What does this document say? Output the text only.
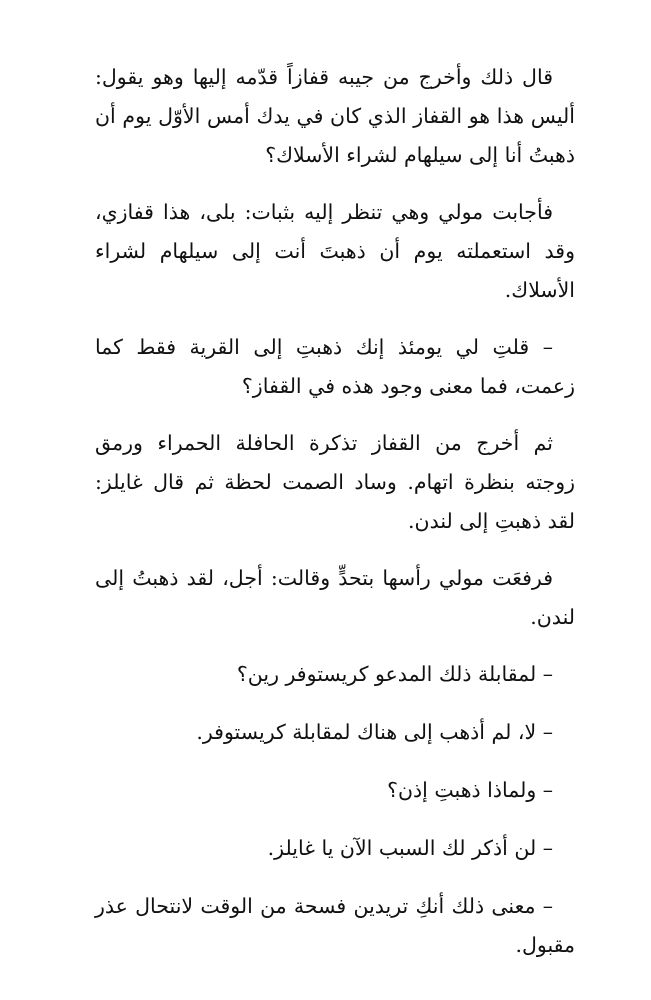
قال ذلك وأخرج من جيبه قفازاً قدّمه إليها وهو يقول: أليس هذا هو القفاز الذي كان في يدك أمس الأوّل يوم أن ذهبتُ أنا إلى سيلهام لشراء الأسلاك؟

فأجابت مولي وهي تنظر إليه بثبات: بلى، هذا قفازي، وقد استعملته يوم أن ذهبتَ أنت إلى سيلهام لشراء الأسلاك.

– قلتِ لي يومئذ إنك ذهبتِ إلى القرية فقط كما زعمت، فما معنى وجود هذه في القفاز؟

ثم أخرج من القفاز تذكرة الحافلة الحمراء ورمق زوجته بنظرة اتهام. وساد الصمت لحظة ثم قال غايلز: لقد ذهبتِ إلى لندن.

فرفعَت مولي رأسها بتحدٍّ وقالت: أجل، لقد ذهبتُ إلى لندن.

– لمقابلة ذلك المدعو كريستوفر رين؟

– لا، لم أذهب إلى هناك لمقابلة كريستوفر.

– ولماذا ذهبتِ إذن؟

– لن أذكر لك السبب الآن يا غايلز.

– معنى ذلك أنكِ تريدين فسحة من الوقت لانتحال عذر مقبول.
